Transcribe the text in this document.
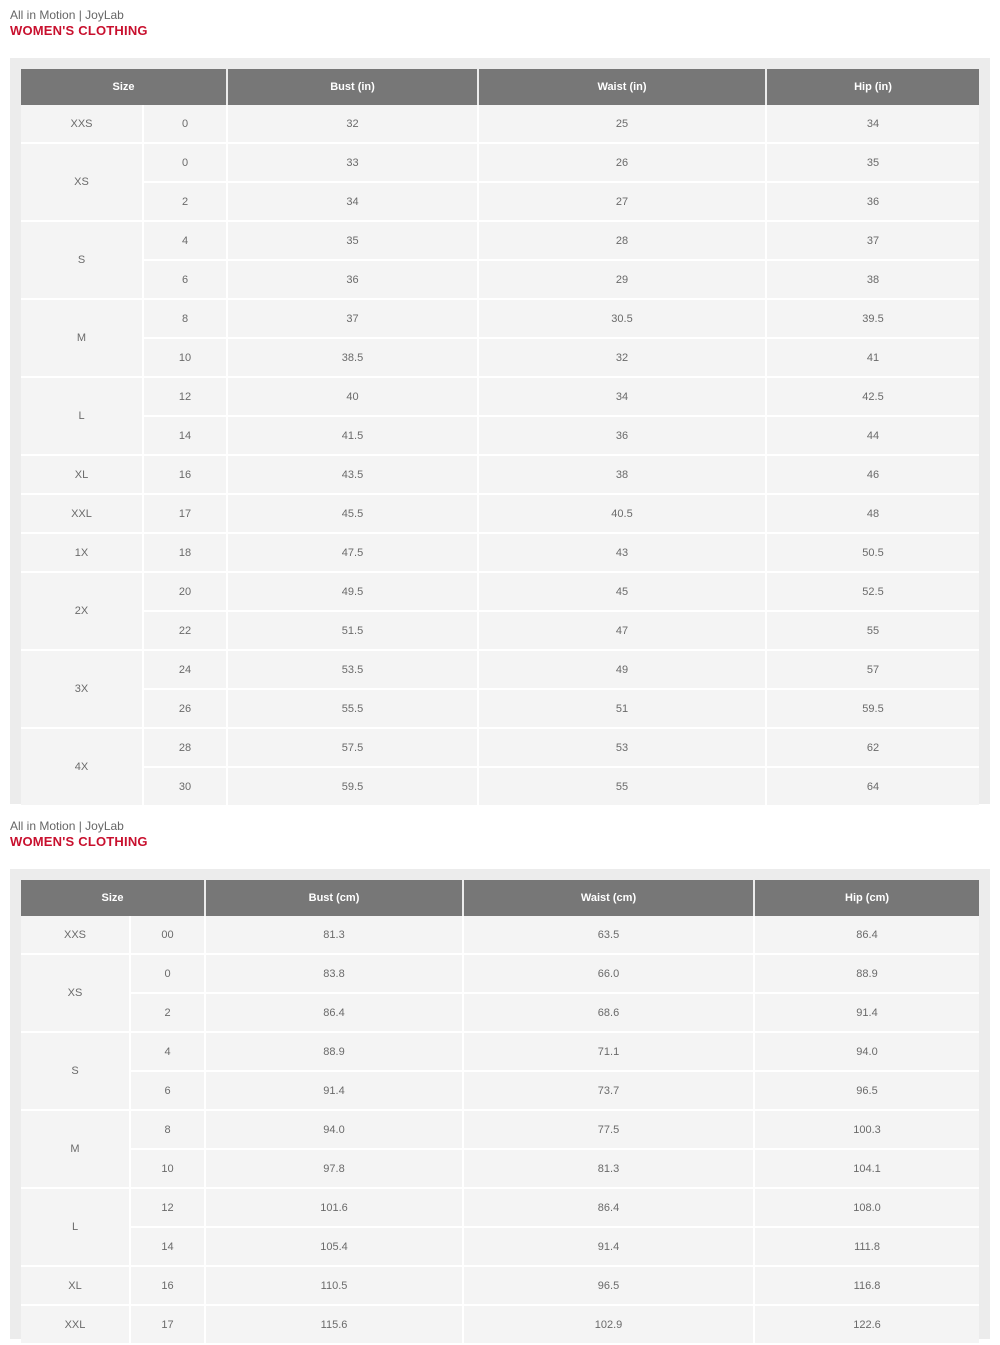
All in Motion | JoyLab
WOMEN'S CLOTHING
Size		Bust (in)	Waist (in)	Hip (in)
XXS	0	32	25	34
XS	0	33	26	35
	2	34	27	36
S	4	35	28	37
	6	36	29	38
M	8	37	30.5	39.5
	10	38.5	32	41
L	12	40	34	42.5
	14	41.5	36	44
XL	16	43.5	38	46
XXL	17	45.5	40.5	48
1X	18	47.5	43	50.5
2X	20	49.5	45	52.5
	22	51.5	47	55
3X	24	53.5	49	57
	26	55.5	51	59.5
4X	28	57.5	53	62
	30	59.5	55	64
All in Motion | JoyLab
WOMEN'S CLOTHING
Size		Bust (cm)	Waist (cm)	Hip (cm)
XXS	00	81.3	63.5	86.4
XS	0	83.8	66.0	88.9
	2	86.4	68.6	91.4
S	4	88.9	71.1	94.0
	6	91.4	73.7	96.5
M	8	94.0	77.5	100.3
	10	97.8	81.3	104.1
L	12	101.6	86.4	108.0
	14	105.4	91.4	111.8
XL	16	110.5	96.5	116.8
XXL	17	115.6	102.9	122.6
